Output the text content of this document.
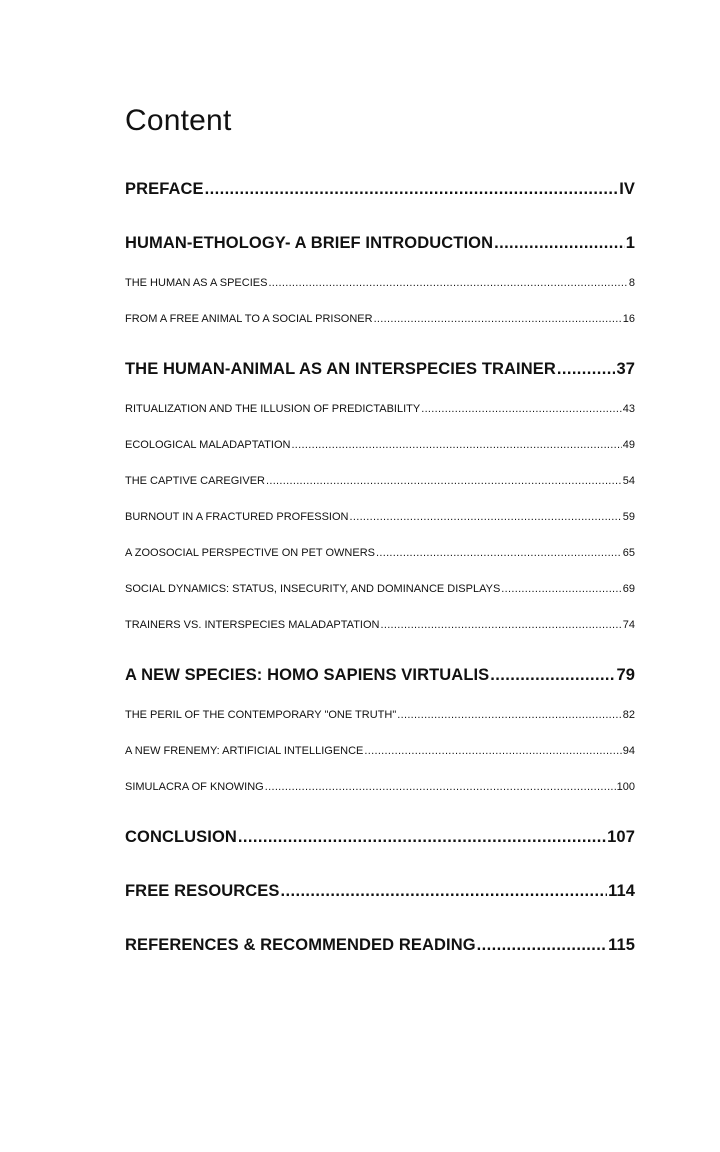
Content
PREFACE .....	IV
HUMAN-ETHOLOGY- A BRIEF INTRODUCTION .....	1
THE HUMAN AS A SPECIES .....	8
FROM A FREE ANIMAL TO A SOCIAL PRISONER .....	16
THE HUMAN-ANIMAL AS AN INTERSPECIES TRAINER .....	37
RITUALIZATION AND THE ILLUSION OF PREDICTABILITY .....	43
ECOLOGICAL MALADAPTATION .....	49
THE CAPTIVE CAREGIVER .....	54
BURNOUT IN A FRACTURED PROFESSION .....	59
A ZOOSOCIAL PERSPECTIVE ON PET OWNERS .....	65
SOCIAL DYNAMICS: STATUS, INSECURITY, AND DOMINANCE DISPLAYS .....	69
TRAINERS VS. INTERSPECIES MALADAPTATION .....	74
A NEW SPECIES: HOMO SAPIENS VIRTUALIS .....	79
THE PERIL OF THE CONTEMPORARY "ONE TRUTH" .....	82
A NEW FRENEMY: ARTIFICIAL INTELLIGENCE .....	94
SIMULACRA OF KNOWING .....	100
CONCLUSION .....	107
FREE RESOURCES .....	114
REFERENCES & RECOMMENDED READING .....	115
